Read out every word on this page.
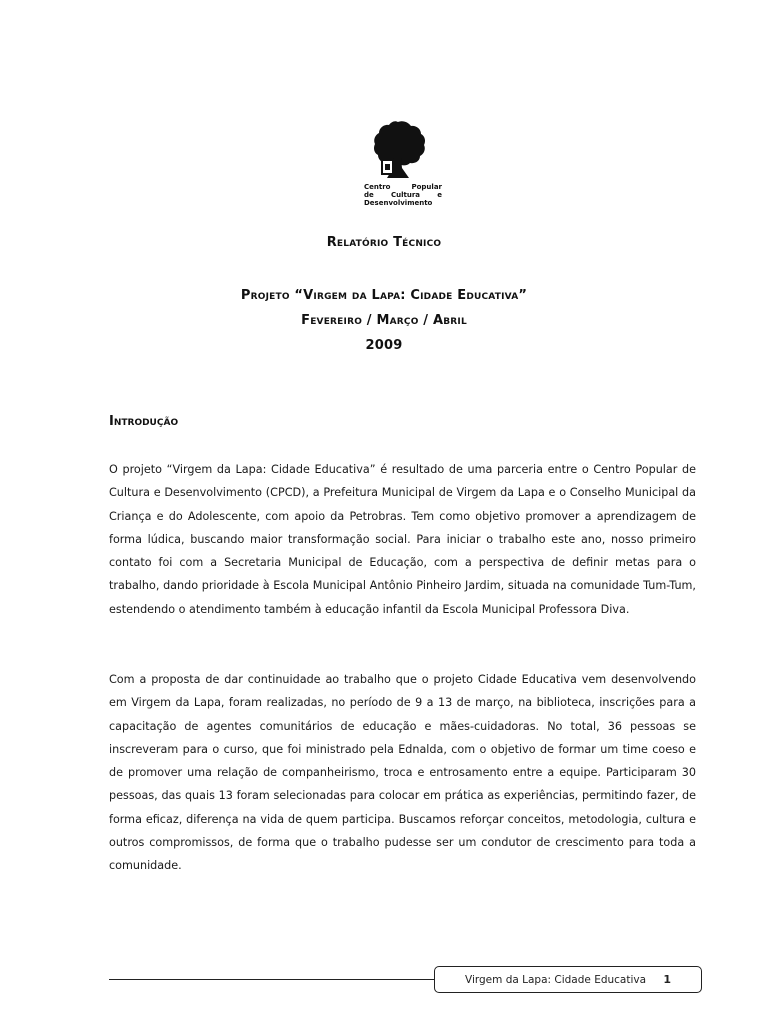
Centro	Popular
de Cultura e
Desenvolvimento
Relatório Técnico
Projeto “Virgem da Lapa: Cidade Educativa”
Fevereiro / Março / Abril
2009
Introdução

O projeto “Virgem da Lapa: Cidade Educativa” é resultado de uma parceria entre o Centro Popular de Cultura e Desenvolvimento (CPCD), a Prefeitura Municipal de Virgem da Lapa e o Conselho Municipal da Criança e do Adolescente, com apoio da Petrobras. Tem como objetivo promover a aprendizagem de forma lúdica, buscando maior transformação social. Para iniciar o trabalho este ano, nosso primeiro contato foi com a Secretaria Municipal de Educação, com a perspectiva de definir metas para o trabalho, dando prioridade à Escola Municipal Antônio Pinheiro Jardim, situada na comunidade Tum-Tum, estendendo o atendimento também à educação infantil da Escola Municipal Professora Diva.

Com a proposta de dar continuidade ao trabalho que o projeto Cidade Educativa vem desenvolvendo em Virgem da Lapa, foram realizadas, no período de 9 a 13 de março, na biblioteca, inscrições para a capacitação de agentes comunitários de educação e mães-cuidadoras. No total, 36 pessoas se inscreveram para o curso, que foi ministrado pela Ednalda, com o objetivo de formar um time coeso e de promover uma relação de companheirismo, troca e entrosamento entre a equipe. Participaram 30 pessoas, das quais 13 foram selecionadas para colocar em prática as experiências, permitindo fazer, de forma eficaz, diferença na vida de quem participa. Buscamos reforçar conceitos, metodologia, cultura e outros compromissos, de forma que o trabalho pudesse ser um condutor de crescimento para toda a comunidade.

Virgem da Lapa: Cidade Educativa 1
